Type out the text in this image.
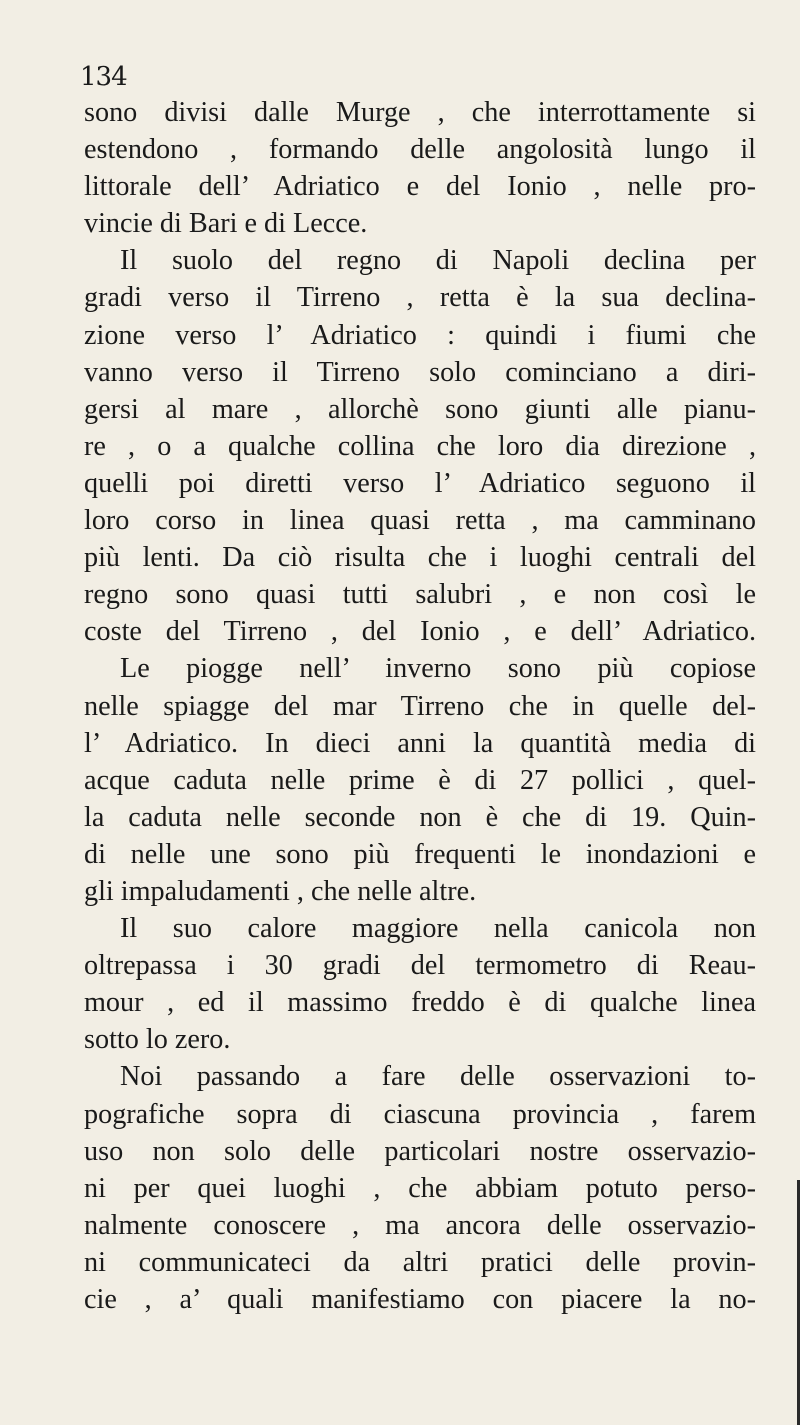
134
sono divisi dalle Murge , che interrottamente si
estendono , formando delle angolosità lungo il
littorale dell’ Adriatico e del Ionio , nelle pro-
vincie di Bari e di Lecce.
Il suolo del regno di Napoli declina per
gradi verso il Tirreno , retta è la sua declina-
zione verso l’ Adriatico : quindi i fiumi che
vanno verso il Tirreno solo cominciano a diri-
gersi al mare , allorchè sono giunti alle pianu-
re , o a qualche collina che loro dia direzione ,
quelli poi diretti verso l’ Adriatico seguono il
loro corso in linea quasi retta , ma camminano
più lenti. Da ciò risulta che i luoghi centrali del
regno sono quasi tutti salubri , e non così le
coste del Tirreno , del Ionio , e dell’ Adriatico.
Le piogge nell’ inverno sono più copiose
nelle spiagge del mar Tirreno che in quelle del-
l’ Adriatico. In dieci anni la quantità media di
acque caduta nelle prime è di 27 pollici , quel-
la caduta nelle seconde non è che di 19. Quin-
di nelle une sono più frequenti le inondazioni e
gli impaludamenti , che nelle altre.
Il suo calore maggiore nella canicola non
oltrepassa i 30 gradi del termometro di Reau-
mour , ed il massimo freddo è di qualche linea
sotto lo zero.
Noi passando a fare delle osservazioni to-
pografiche sopra di ciascuna provincia , farem
uso non solo delle particolari nostre osservazio-
ni per quei luoghi , che abbiam potuto perso-
nalmente conoscere , ma ancora delle osservazio-
ni communicateci da altri pratici delle provin-
cie , a’ quali manifestiamo con piacere la no-
